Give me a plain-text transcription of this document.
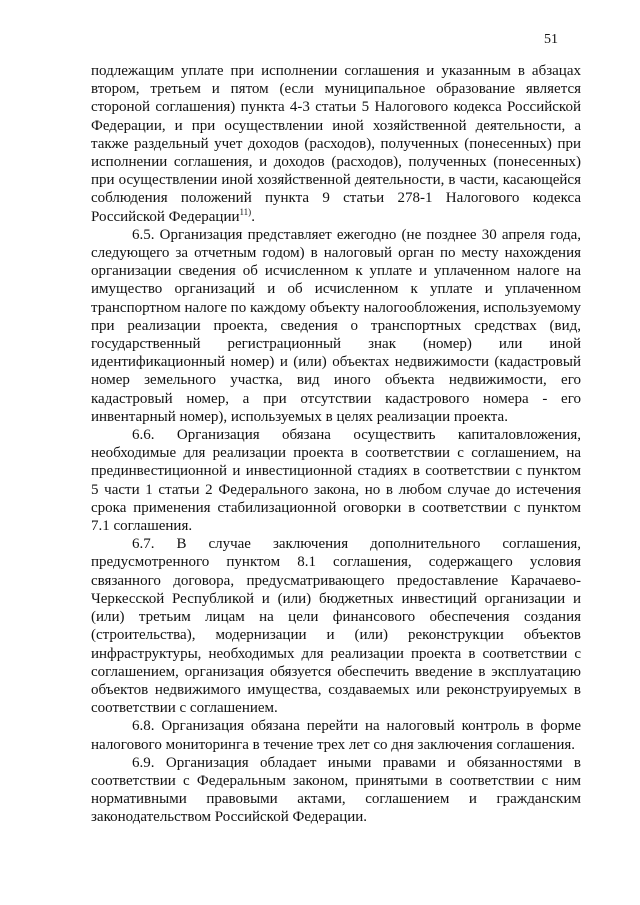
51

подлежащим уплате при исполнении соглашения и указанным в абзацах втором, третьем и пятом (если муниципальное образование является стороной соглашения) пункта 4-3 статьи 5 Налогового кодекса Российской Федерации, и при осуществлении иной хозяйственной деятельности, а также раздельный учет доходов (расходов), полученных (понесенных) при исполнении соглашения, и доходов (расходов), полученных (понесенных) при осуществлении иной хозяйственной деятельности, в части, касающейся соблюдения положений пункта 9 статьи 278-1 Налогового кодекса Российской Федерации$^{11)}$.

6.5. Организация представляет ежегодно (не позднее 30 апреля года, следующего за отчетным годом) в налоговый орган по месту нахождения организации сведения об исчисленном к уплате и уплаченном налоге на имущество организаций и об исчисленном к уплате и уплаченном транспортном налоге по каждому объекту налогообложения, используемому при реализации проекта, сведения о транспортных средствах (вид, государственный регистрационный знак (номер) или иной идентификационный номер) и (или) объектах недвижимости (кадастровый номер земельного участка, вид иного объекта недвижимости, его кадастровый номер, а при отсутствии кадастрового номера - его инвентарный номер), используемых в целях реализации проекта.

6.6. Организация обязана осуществить капиталовложения, необходимые для реализации проекта в соответствии с соглашением, на прединвестиционной и инвестиционной стадиях в соответствии с пунктом 5 части 1 статьи 2 Федерального закона, но в любом случае до истечения срока применения стабилизационной оговорки в соответствии с пунктом 7.1 соглашения.

6.7. В случае заключения дополнительного соглашения, предусмотренного пунктом 8.1 соглашения, содержащего условия связанного договора, предусматривающего предоставление Карачаево-Черкесской Республикой и (или) бюджетных инвестиций организации и (или) третьим лицам на цели финансового обеспечения создания (строительства), модернизации и (или) реконструкции объектов инфраструктуры, необходимых для реализации проекта в соответствии с соглашением, организация обязуется обеспечить введение в эксплуатацию объектов недвижимого имущества, создаваемых или реконструируемых в соответствии с соглашением.

6.8. Организация обязана перейти на налоговый контроль в форме налогового мониторинга в течение трех лет со дня заключения соглашения.

6.9. Организация обладает иными правами и обязанностями в соответствии с Федеральным законом, принятыми в соответствии с ним нормативными правовыми актами, соглашением и гражданским законодательством Российской Федерации.
